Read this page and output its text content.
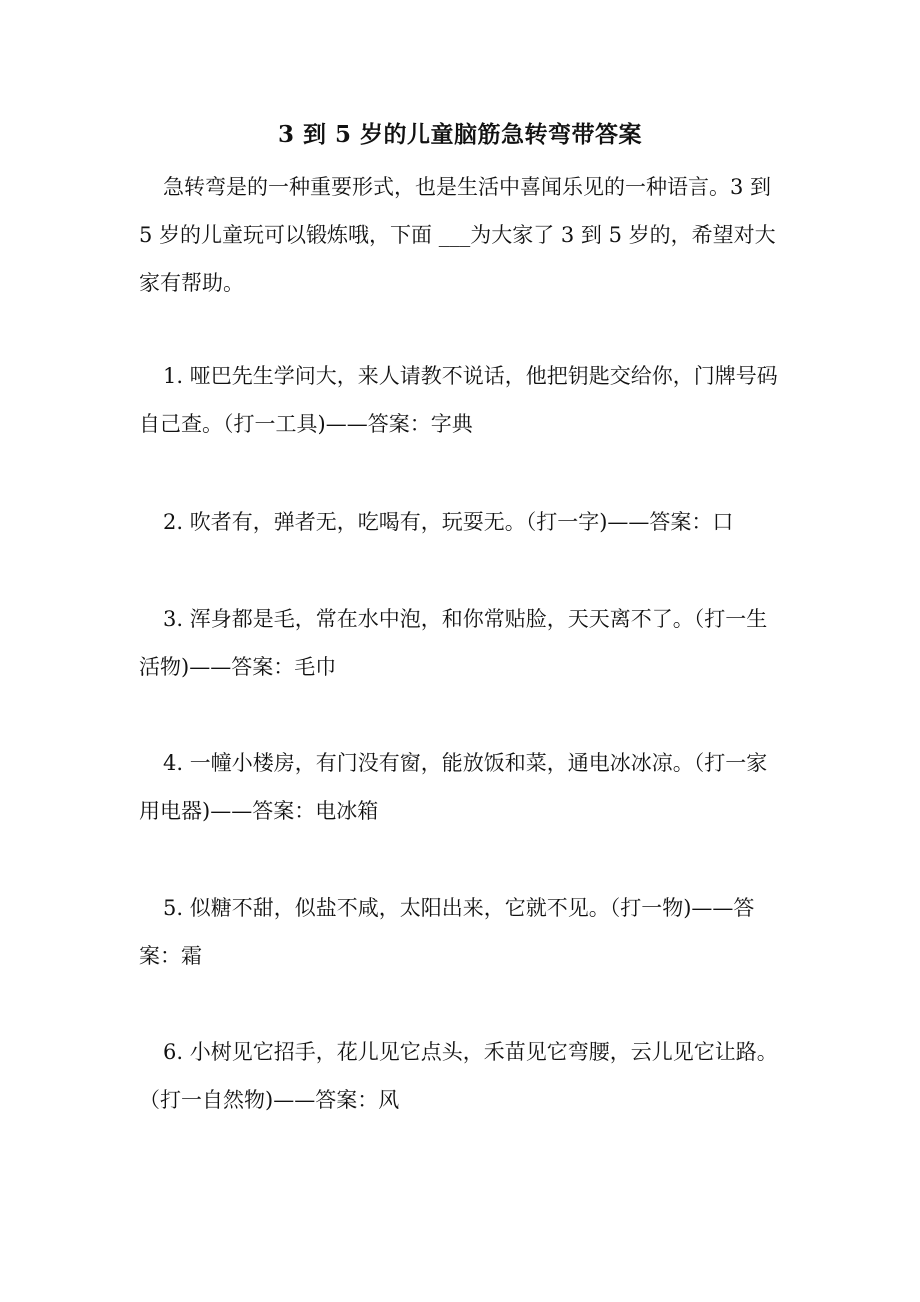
3 到 5 岁的儿童脑筋急转弯带答案

急转弯是的一种重要形式，也是生活中喜闻乐见的一种语言。3 到 5 岁的儿童玩可以锻炼哦，下面 ___为大家了 3 到 5 岁的，希望对大家有帮助。

1. 哑巴先生学问大，来人请教不说话，他把钥匙交给你，门牌号码自己查。（打一工具)——答案：字典

2. 吹者有，弹者无，吃喝有，玩耍无。（打一字)——答案：口

3. 浑身都是毛，常在水中泡，和你常贴脸，天天离不了。（打一生活物)——答案：毛巾

4. 一幢小楼房，有门没有窗，能放饭和菜，通电冰冰凉。（打一家用电器)——答案：电冰箱

5. 似糖不甜，似盐不咸，太阳出来，它就不见。（打一物)——答案：霜

6. 小树见它招手，花儿见它点头，禾苗见它弯腰，云儿见它让路。（打一自然物)——答案：风
